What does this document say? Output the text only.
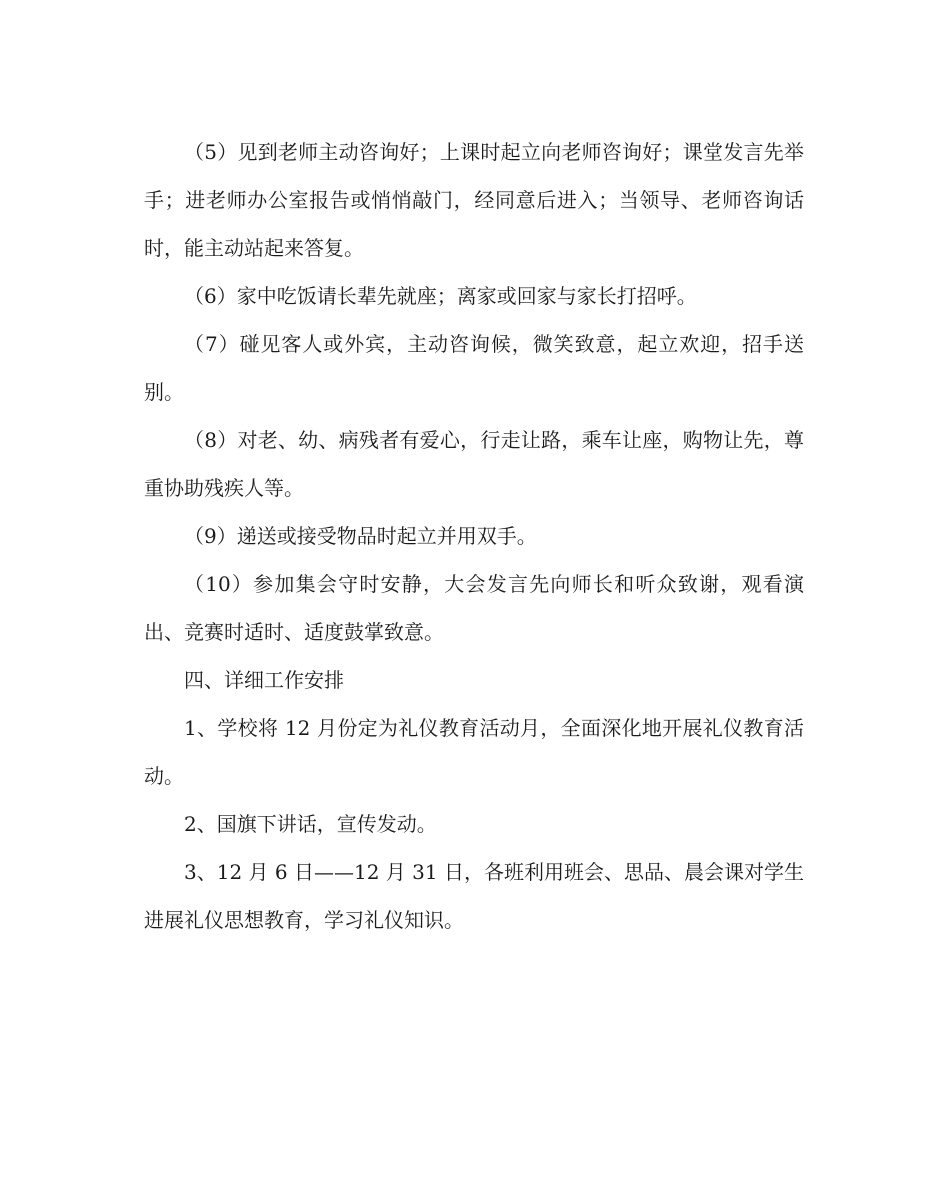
（5）见到老师主动咨询好；上课时起立向老师咨询好；课堂发言先举手；进老师办公室报告或悄悄敲门，经同意后进入；当领导、老师咨询话时，能主动站起来答复。

（6）家中吃饭请长辈先就座；离家或回家与家长打招呼。

（7）碰见客人或外宾，主动咨询候，微笑致意，起立欢迎，招手送别。

（8）对老、幼、病残者有爱心，行走让路，乘车让座，购物让先，尊重协助残疾人等。

（9）递送或接受物品时起立并用双手。

（10）参加集会守时安静，大会发言先向师长和听众致谢，观看演出、竞赛时适时、适度鼓掌致意。

四、详细工作安排

1、学校将 12 月份定为礼仪教育活动月，全面深化地开展礼仪教育活动。

2、国旗下讲话，宣传发动。

3、12 月 6 日——12 月 31 日，各班利用班会、思品、晨会课对学生进展礼仪思想教育，学习礼仪知识。
